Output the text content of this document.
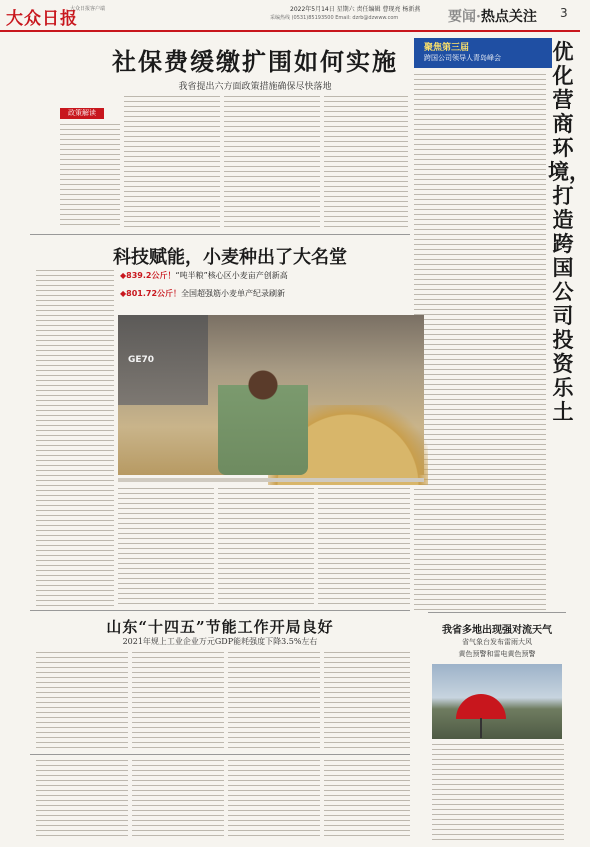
大众日报
大众日报客户端	2022年5月14日 星期六 责任编辑 曹现亮 杨新燕
采编热线 (0531)85193500 Email: dzrb@dzwww.com	要闻·热点关注 3
社保费缓缴扩围如何实施
我省提出六方面政策措施确保尽快落地
政策解读
聚焦第三届
跨国公司领导人青岛峰会 优化营商环境，打造跨国公司投资乐土
科技赋能，小麦种出了大名堂
◆839.2公斤！“吨半粮”核心区小麦亩产创新高
◆801.72公斤！全国超强筋小麦单产纪录刷新
GE70
我省多地出现强对流天气
省气象台发布雷雨大风
黄色预警和雷电黄色预警
山东“十四五”节能工作开局良好
2021年规上工业企业万元GDP能耗强度下降3.5%左右
